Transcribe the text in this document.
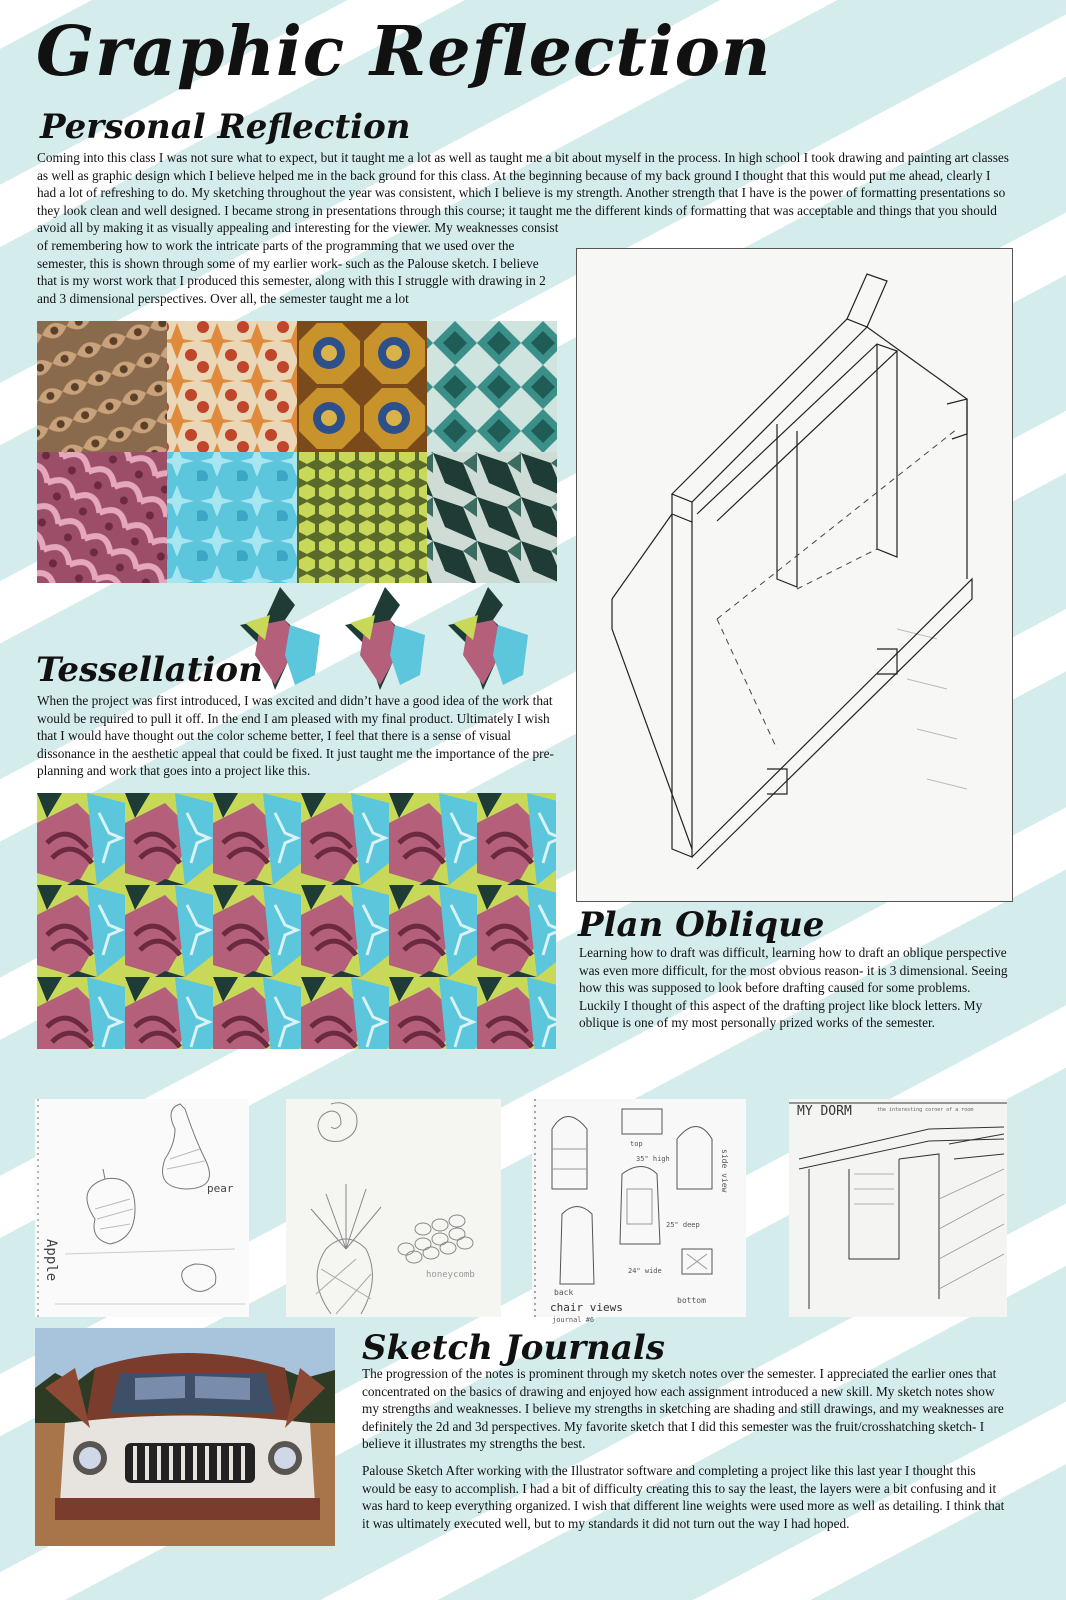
Graphic Reflection
Personal Reflection

Coming into this class I was not sure what to expect, but it taught me a lot as well as taught me a bit about myself in the process. In high school I took drawing and painting art classes as well as graphic design which I believe helped me in the back ground for this class. At the beginning because of my back ground I thought that this would put me ahead, clearly I had a lot of refreshing to do. My sketching throughout the year was consistent, which I believe is my strength. Another strength that I have is the power of formatting presentations so they look clean and well designed. I became strong in presentations through this course; it taught me the different kinds of formatting that was acceptable and things that you should avoid all by making it as visually appealing and interesting for the viewer. My weaknesses consist

of remembering how to work the intricate parts of the programming that we used over the semester, this is shown through some of my earlier work- such as the Palouse sketch. I believe that is my worst work that I produced this semester, along with this I struggle with drawing in 2 and 3 dimensional perspectives. Over all, the semester taught me a lot

Tessellation

When the project was first introduced, I was excited and didn’t have a good idea of the work that would be required to pull it off. In the end I am pleased with my final product. Ultimately I wish that I would have thought out the color scheme better, I feel that there is a sense of visual dissonance in the aesthetic appeal that could be fixed. It just taught me the importance of the pre-planning and work that goes into a project like this.

Plan Oblique

Learning how to draft was difficult, learning how to draft an oblique perspective was even more difficult, for the most obvious reason- it is 3 dimensional. Seeing how this was supposed to look before drafting caused for some problems. Luckily I thought of this aspect of the drafting project like block letters. My oblique is one of my most personally prized works of the semester.

Apple
pear
honeycomb
chair views
back
bottom
24" wide
35" high
25" deep
journal #6
side view
top
MY DORM	the interesting corner of a room
Sketch Journals

The progression of the notes is prominent through my sketch notes over the semester. I appreciated the earlier ones that concentrated on the basics of drawing and enjoyed how each assignment introduced a new skill. My sketch notes show my strengths and weaknesses. I believe my strengths in sketching are shading and still drawings, and my weaknesses are definitely the 2d and 3d perspectives. My favorite sketch that I did this semester was the fruit/crosshatching sketch- I believe it illustrates my strengths the best.

Palouse Sketch After working with the Illustrator software and completing a project like this last year I thought this would be easy to accomplish. I had a bit of difficulty creating this to say the least, the layers were a bit confusing and it was hard to keep everything organized. I wish that different line weights were used more as well as detailing. I think that it was ultimately executed well, but to my standards it did not turn out the way I had hoped.
